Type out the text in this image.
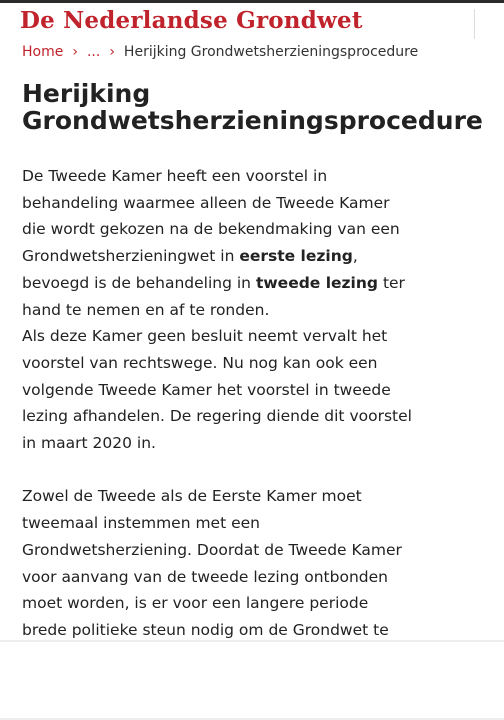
De Nederlandse Grondwet
Home › ... › Herijking Grondwetsherzieningsprocedure
Herijking
Grondwetsherzieningsprocedure

De Tweede Kamer heeft een voorstel in
behandeling waarmee alleen de Tweede Kamer
die wordt gekozen na de bekendmaking van een
Grondwetsherzieningwet in eerste lezing,
bevoegd is de behandeling in tweede lezing ter
hand te nemen en af te ronden.

Als deze Kamer geen besluit neemt vervalt het
voorstel van rechtswege. Nu nog kan ook een
volgende Tweede Kamer het voorstel in tweede
lezing afhandelen. De regering diende dit voorstel
in maart 2020 in.

Zowel de Tweede als de Eerste Kamer moet
tweemaal instemmen met een
Grondwetsherziening. Doordat de Tweede Kamer
voor aanvang van de tweede lezing ontbonden
moet worden, is er voor een langere periode
brede politieke steun nodig om de Grondwet te
